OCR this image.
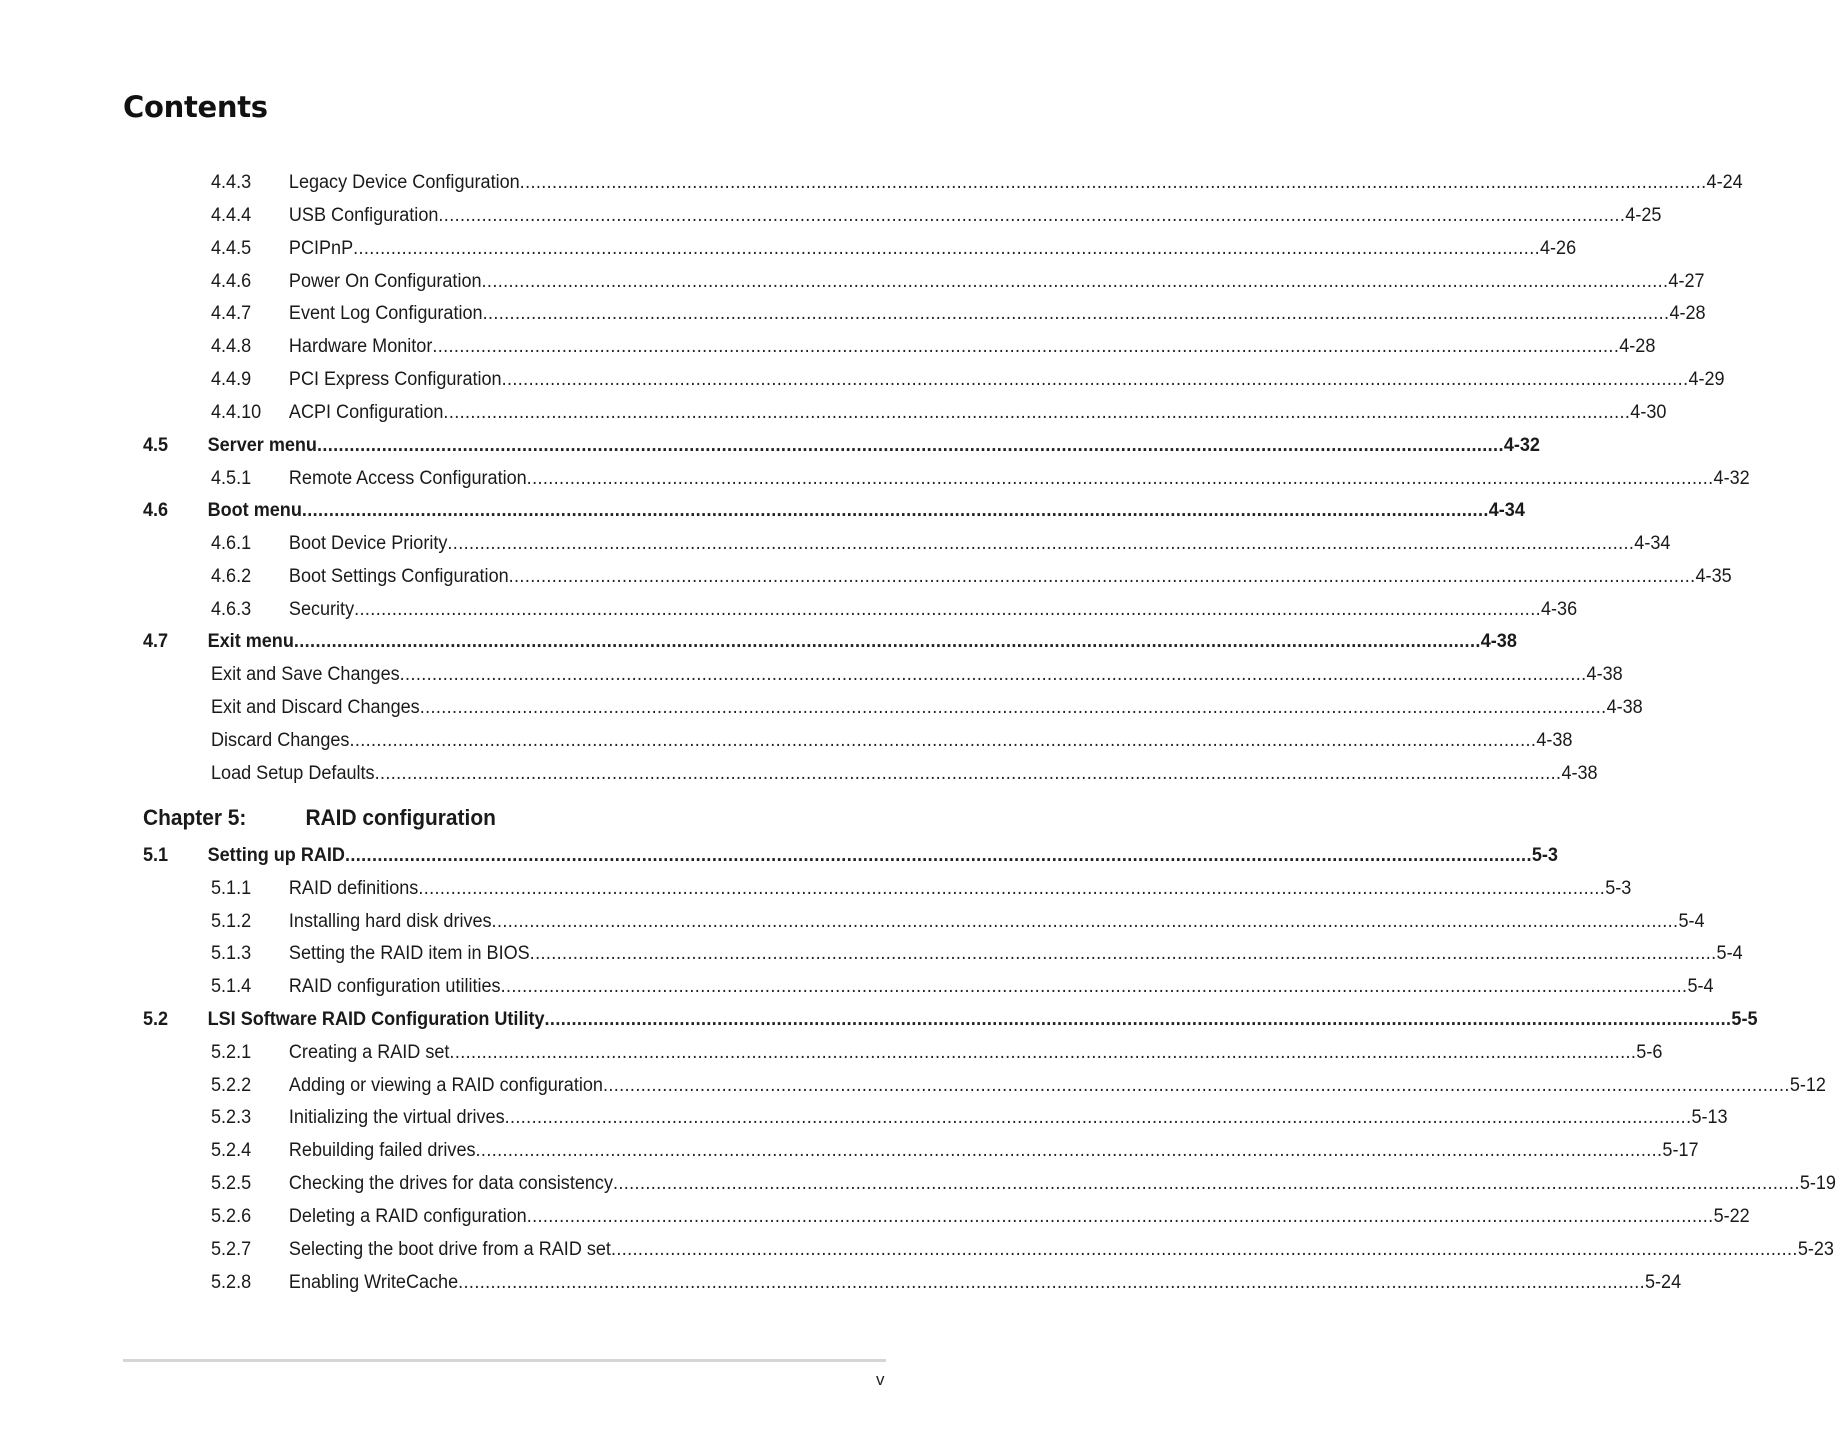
Contents
4.4.3 Legacy Device Configuration ............................................................................................................................................................................................................................ 4-24
4.4.4 USB Configuration ............................................................................................................................................................................................................................ 4-25
4.4.5 PCIPnP ............................................................................................................................................................................................................................ 4-26
4.4.6 Power On Configuration ............................................................................................................................................................................................................................ 4-27
4.4.7 Event Log Configuration ............................................................................................................................................................................................................................ 4-28
4.4.8 Hardware Monitor ............................................................................................................................................................................................................................ 4-28
4.4.9 PCI Express Configuration ............................................................................................................................................................................................................................ 4-29
4.4.10 ACPI Configuration ............................................................................................................................................................................................................................ 4-30
4.5 Server menu ............................................................................................................................................................................................................................ 4-32
4.5.1 Remote Access Configuration ............................................................................................................................................................................................................................ 4-32
4.6 Boot menu ............................................................................................................................................................................................................................ 4-34
4.6.1 Boot Device Priority ............................................................................................................................................................................................................................ 4-34
4.6.2 Boot Settings Configuration ............................................................................................................................................................................................................................ 4-35
4.6.3 Security ............................................................................................................................................................................................................................ 4-36
4.7 Exit menu ............................................................................................................................................................................................................................ 4-38
Exit and Save Changes ............................................................................................................................................................................................................................ 4-38
Exit and Discard Changes ............................................................................................................................................................................................................................ 4-38
Discard Changes ............................................................................................................................................................................................................................ 4-38
Load Setup Defaults ............................................................................................................................................................................................................................ 4-38
5.1 Setting up RAID ............................................................................................................................................................................................................................ 5-3
5.1.1 RAID definitions ............................................................................................................................................................................................................................ 5-3
5.1.2 Installing hard disk drives ............................................................................................................................................................................................................................ 5-4
5.1.3 Setting the RAID item in BIOS ............................................................................................................................................................................................................................ 5-4
5.1.4 RAID configuration utilities ............................................................................................................................................................................................................................ 5-4
5.2 LSI Software RAID Configuration Utility ............................................................................................................................................................................................................................ 5-5
5.2.1 Creating a RAID set ............................................................................................................................................................................................................................ 5-6
5.2.2 Adding or viewing a RAID configuration ............................................................................................................................................................................................................................ 5-12
5.2.3 Initializing the virtual drives ............................................................................................................................................................................................................................ 5-13
5.2.4 Rebuilding failed drives ............................................................................................................................................................................................................................ 5-17
5.2.5 Checking the drives for data consistency ............................................................................................................................................................................................................................ 5-19
5.2.6 Deleting a RAID configuration ............................................................................................................................................................................................................................ 5-22
5.2.7 Selecting the boot drive from a RAID set ............................................................................................................................................................................................................................ 5-23
5.2.8 Enabling WriteCache ............................................................................................................................................................................................................................ 5-24
Chapter 5:	RAID configuration
v
